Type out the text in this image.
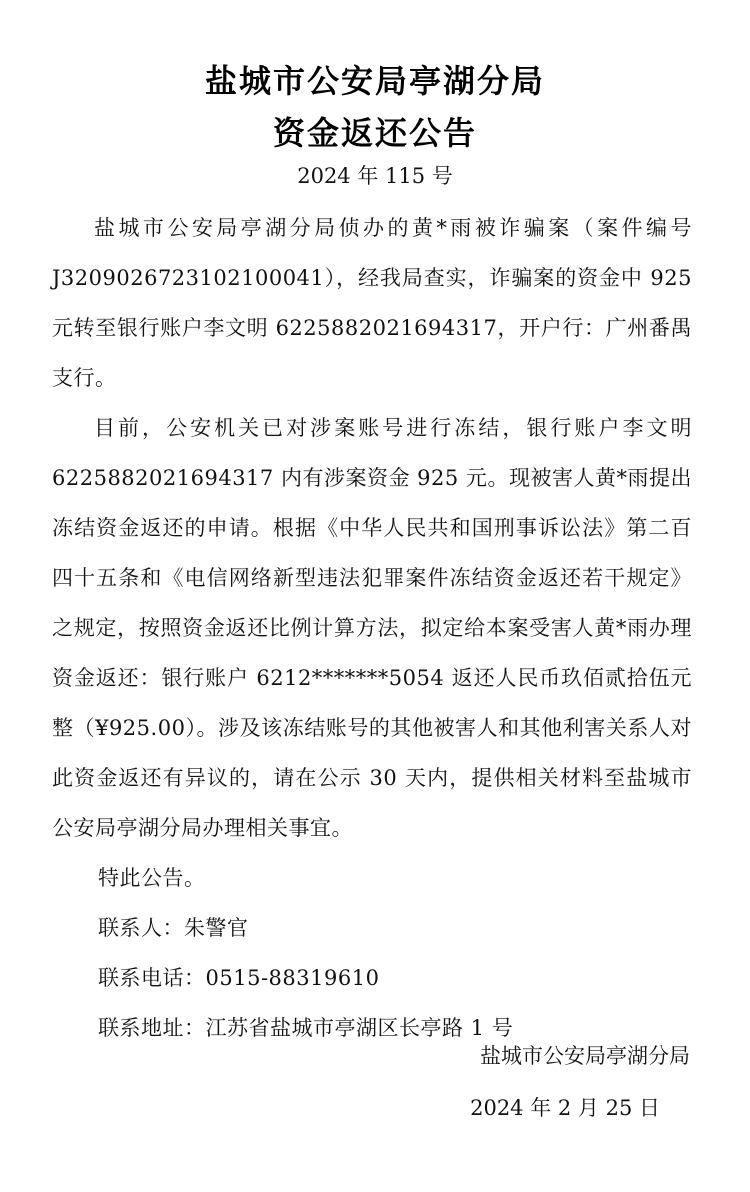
盐城市公安局亭湖分局
资金返还公告
2024 年 115 号

盐城市公安局亭湖分局侦办的黄*雨被诈骗案（案件编号J320902672310210​0041），经我局查实，诈骗案的资金中 925 元转至银行账户李文明 6225882021694317，开户行：广州番禺支行。

目前，公安机关已对涉案账号进行冻结，银行账户李文明 6225882021694317 内有涉案资金 925 元。现被害人黄*雨提出冻结资金返还的申请。根据《中华人民共和国刑事诉讼法》第二百四十五条和《电信网络新型违法犯罪案件冻结资金返还若干规定》之规定，按照资金返还比例计算方法，拟定给本案受害人黄*雨办理资金返还：银行账户 6212*******5054 返还人民币玖佰贰拾伍元整（¥925.00）。涉及该冻结账号的其他被害人和其他利害关系人对此资金返还有异议的，请在公示 30 天内，提供相关材料至盐城市公安局亭湖分局办理相关事宜。

特此公告。

联系人：朱警官

联系电话：0515-88319610

联系地址：江苏省盐城市亭湖区长亭路 1 号

盐城市公安局亭湖分局
2024 年 2 月 25 日
